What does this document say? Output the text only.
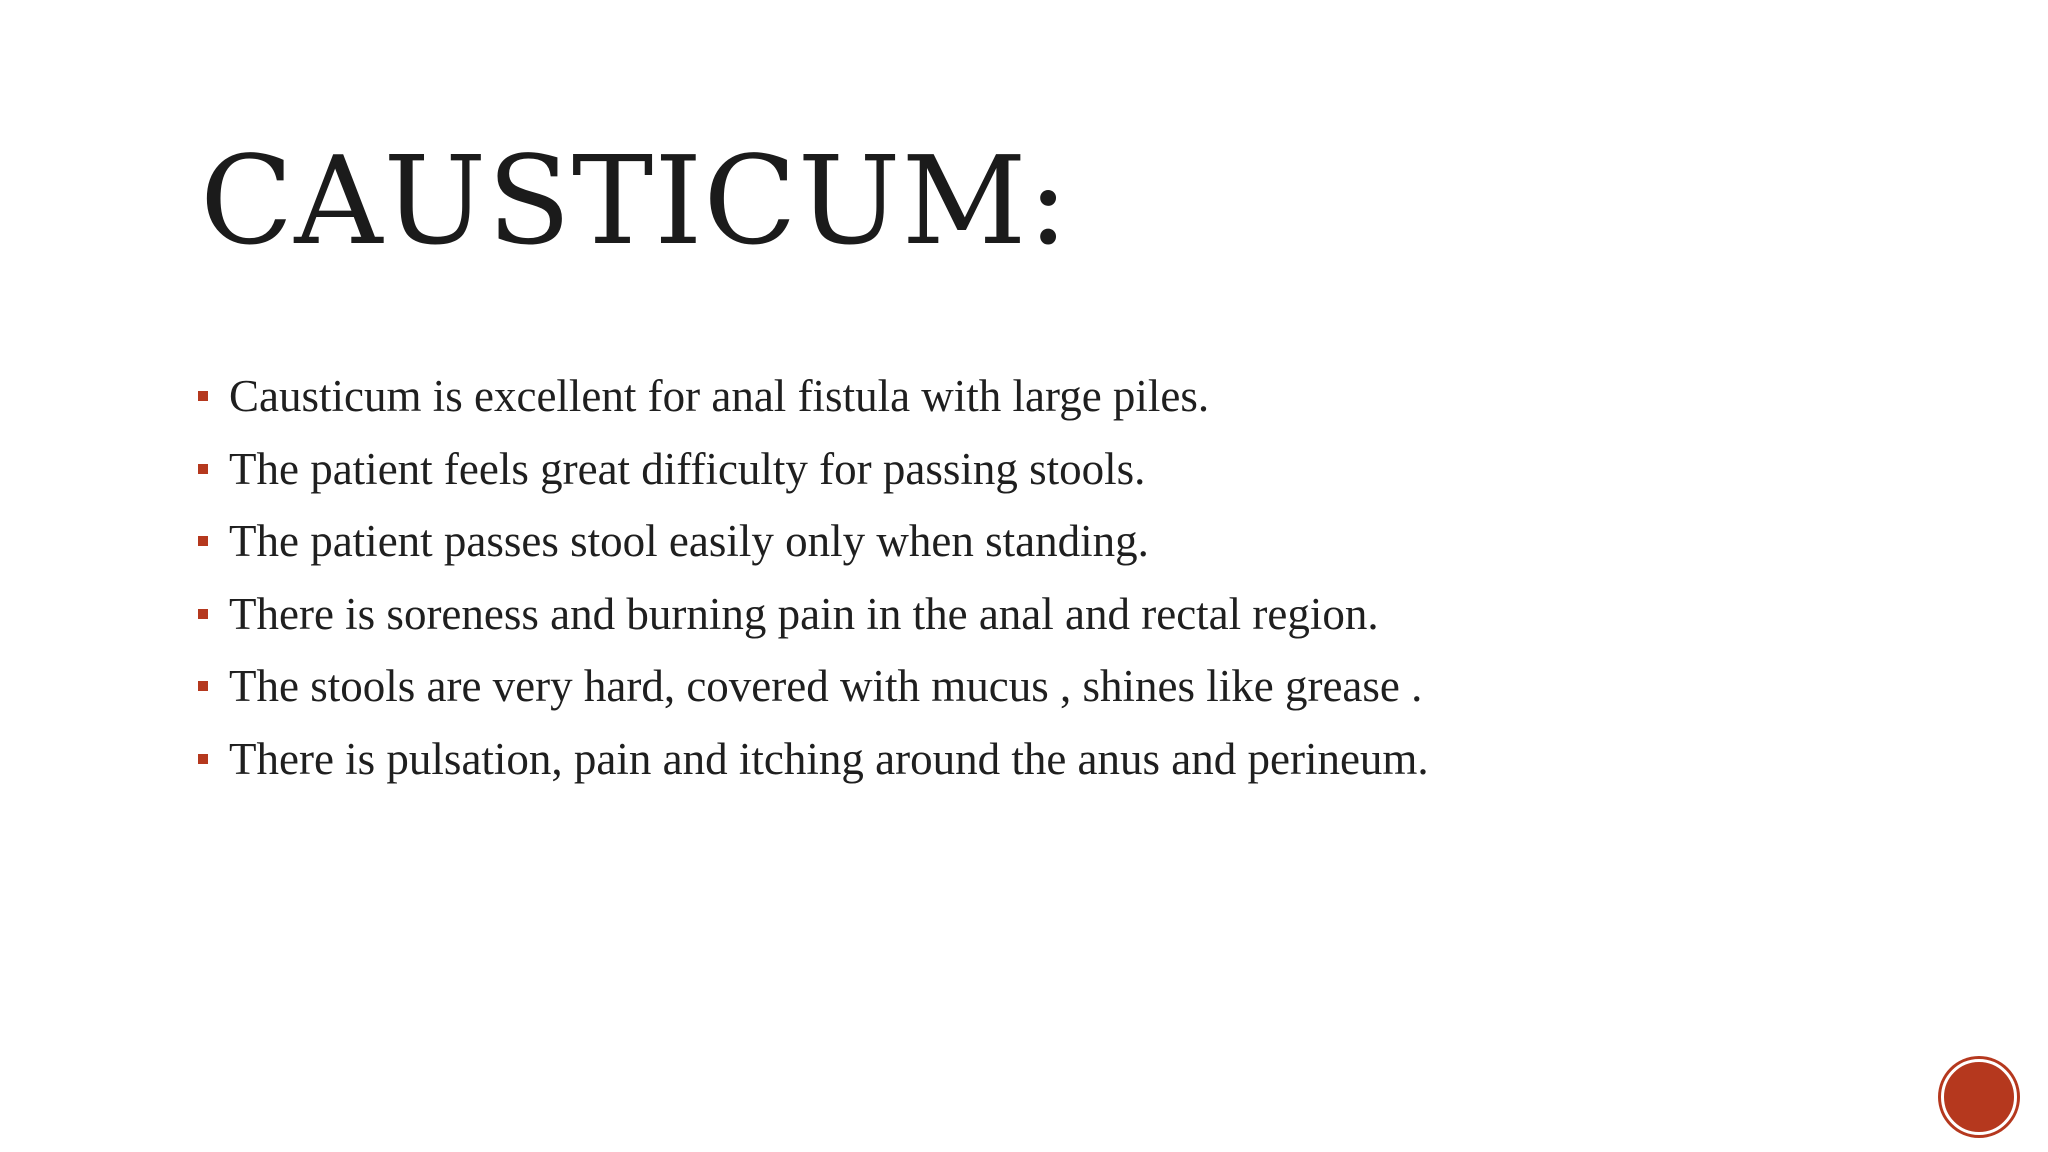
CAUSTICUM:
Causticum is excellent for anal fistula with large piles.
The patient feels great difficulty for passing stools.
The patient passes stool easily only when standing.
There is soreness and burning pain in the anal and rectal region.
The stools are very hard, covered with mucus , shines like grease .
There is pulsation, pain and itching around the anus and perineum.
